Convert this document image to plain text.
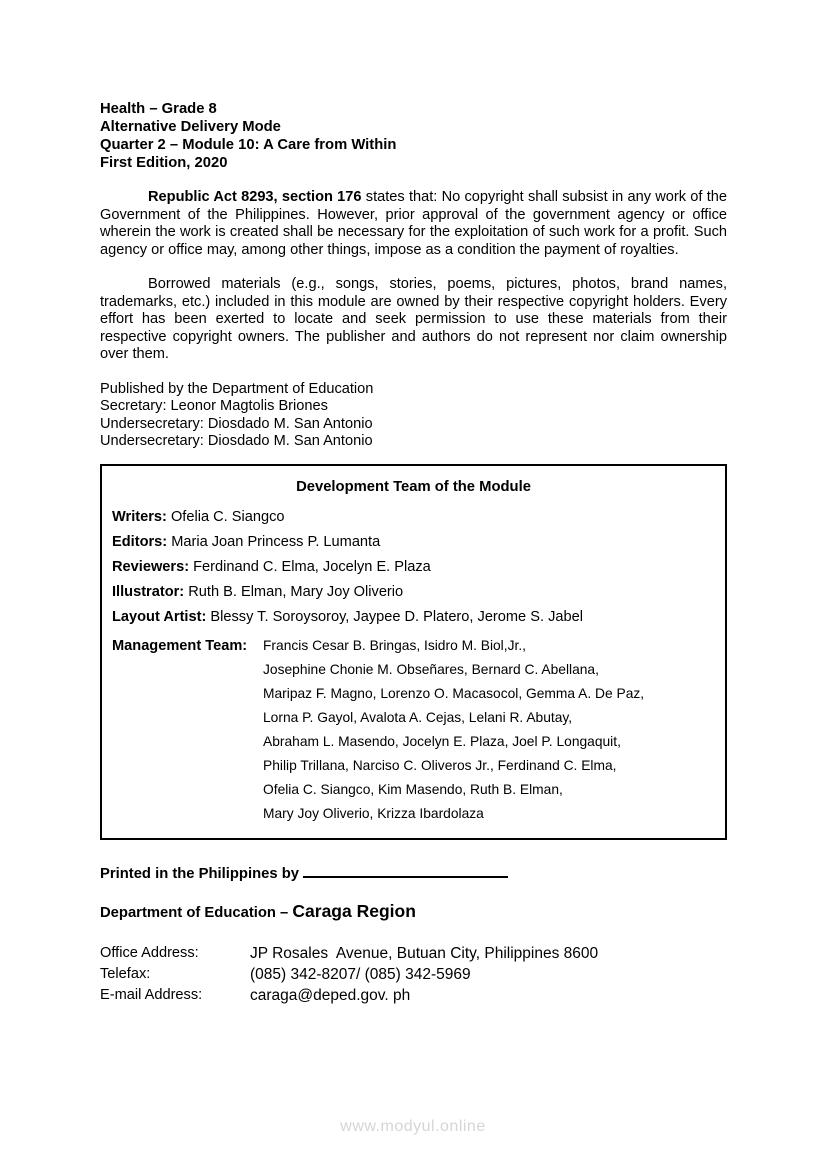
Health – Grade 8
Alternative Delivery Mode
Quarter 2 – Module 10: A Care from Within
First Edition, 2020

Republic Act 8293, section 176 states that: No copyright shall subsist in any work of the Government of the Philippines. However, prior approval of the government agency or office wherein the work is created shall be necessary for the exploitation of such work for a profit. Such agency or office may, among other things, impose as a condition the payment of royalties.

Borrowed materials (e.g., songs, stories, poems, pictures, photos, brand names, trademarks, etc.) included in this module are owned by their respective copyright holders. Every effort has been exerted to locate and seek permission to use these materials from their respective copyright owners. The publisher and authors do not represent nor claim ownership over them.

Published by the Department of Education
Secretary: Leonor Magtolis Briones
Undersecretary: Diosdado M. San Antonio
Undersecretary: Diosdado M. San Antonio
Development Team of the Module
Writers: Ofelia C. Siangco
Editors: Maria Joan Princess P. Lumanta
Reviewers: Ferdinand C. Elma, Jocelyn E. Plaza
Illustrator: Ruth B. Elman, Mary Joy Oliverio
Layout Artist: Blessy T. Soroysoroy, Jaypee D. Platero, Jerome S. Jabel
Management Team:	Francis Cesar B. Bringas, Isidro M. Biol,Jr.,
Josephine Chonie M. Obseñares, Bernard C. Abellana,
Maripaz F. Magno, Lorenzo O. Macasocol, Gemma A. De Paz,
Lorna P. Gayol, Avalota A. Cejas, Lelani R. Abutay,
Abraham L. Masendo, Jocelyn E. Plaza, Joel P. Longaquit,
Philip Trillana, Narciso C. Oliveros Jr., Ferdinand C. Elma,
Ofelia C. Siangco, Kim Masendo, Ruth B. Elman,
Mary Joy Oliverio, Krizza Ibardolaza
Printed in the Philippines by
Department of Education – Caraga Region
Office Address:	JP Rosales  Avenue, Butuan City, Philippines 8600
Telefax:	(085) 342-8207/ (085) 342-5969
E-mail Address:	caraga@deped.gov. ph
www.modyul.online
